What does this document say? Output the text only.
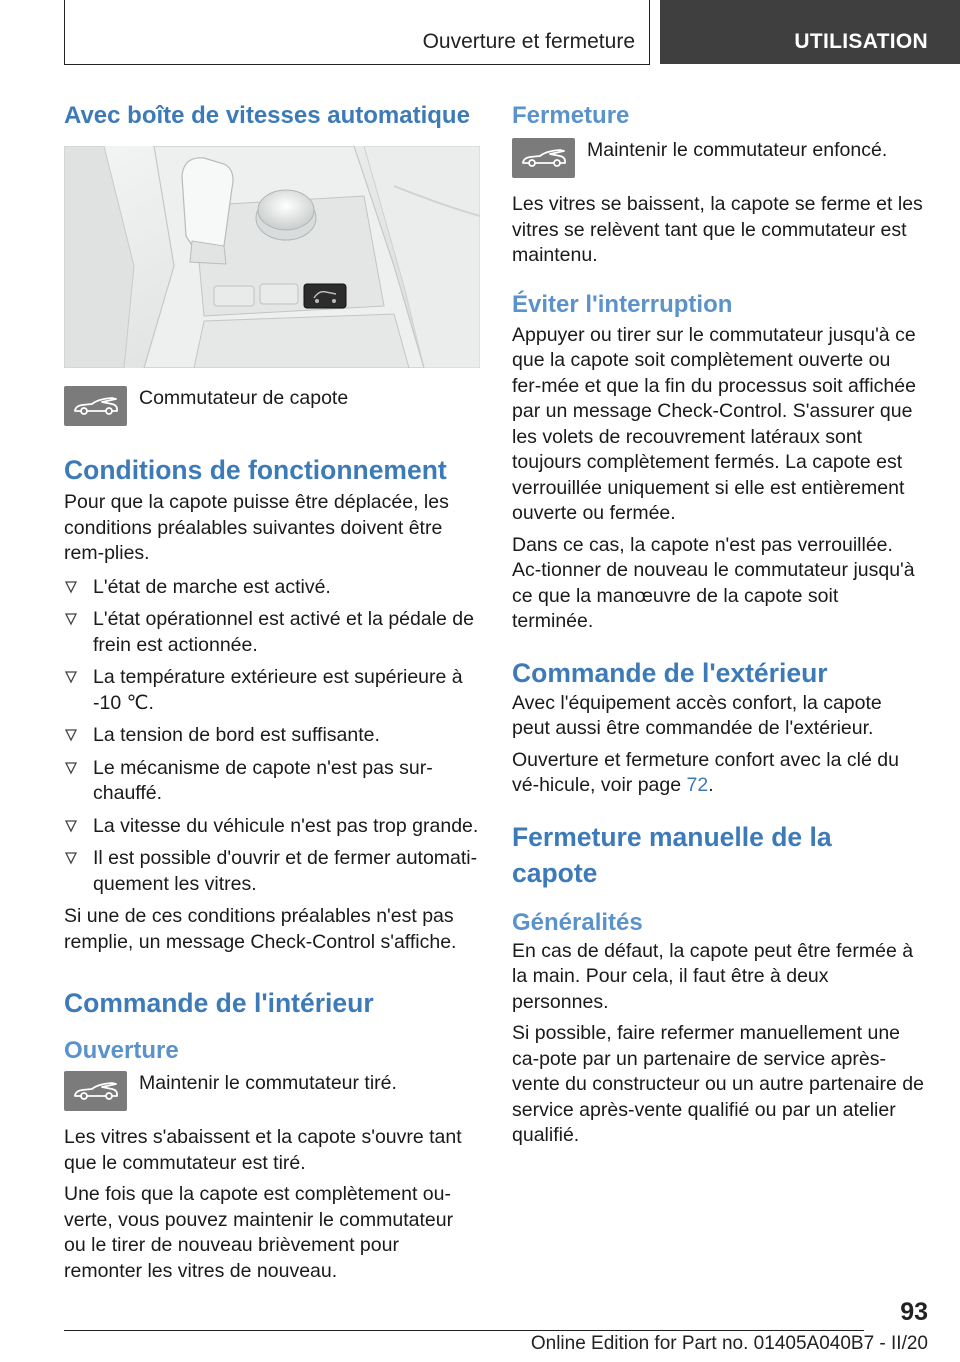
Ouverture et fermeture	UTILISATION
Avec boîte de vitesses automatique

Commutateur de capote

Conditions de fonctionnement

Pour que la capote puisse être déplacée, les conditions préalables suivantes doivent être rem‐plies.

L'état de marche est activé.
L'état opérationnel est activé et la pédale de frein est actionnée.
La température extérieure est supérieure à -10 ℃.
La tension de bord est suffisante.
Le mécanisme de capote n'est pas sur‐chauffé.
La vitesse du véhicule n'est pas trop grande.
Il est possible d'ouvrir et de fermer automati‐quement les vitres.

Si une de ces conditions préalables n'est pas remplie, un message Check-Control s'affiche.

Commande de l'intérieur
Ouverture

Maintenir le commutateur tiré.

Les vitres s'abaissent et la capote s'ouvre tant que le commutateur est tiré.

Une fois que la capote est complètement ou‐verte, vous pouvez maintenir le commutateur ou le tirer de nouveau brièvement pour remonter les vitres de nouveau.

Fermeture

Maintenir le commutateur enfoncé.

Les vitres se baissent, la capote se ferme et les vitres se relèvent tant que le commutateur est maintenu.

Éviter l'interruption

Appuyer ou tirer sur le commutateur jusqu'à ce que la capote soit complètement ouverte ou fer‐mée et que la fin du processus soit affichée par un message Check-Control. S'assurer que les volets de recouvrement latéraux sont toujours complètement fermés. La capote est verrouillée uniquement si elle est entièrement ouverte ou fermée.

Dans ce cas, la capote n'est pas verrouillée. Ac‐tionner de nouveau le commutateur jusqu'à ce que la manœuvre de la capote soit terminée.

Commande de l'extérieur

Avec l'équipement accès confort, la capote peut aussi être commandée de l'extérieur.

Ouverture et fermeture confort avec la clé du vé‐hicule, voir page 72.

Fermeture manuelle de la capote
Généralités

En cas de défaut, la capote peut être fermée à la main. Pour cela, il faut être à deux personnes.

Si possible, faire refermer manuellement une ca‐pote par un partenaire de service après-vente du constructeur ou un autre partenaire de service après-vente qualifié ou par un atelier qualifié.

93
Online Edition for Part no. 01405A040B7 - II/20
